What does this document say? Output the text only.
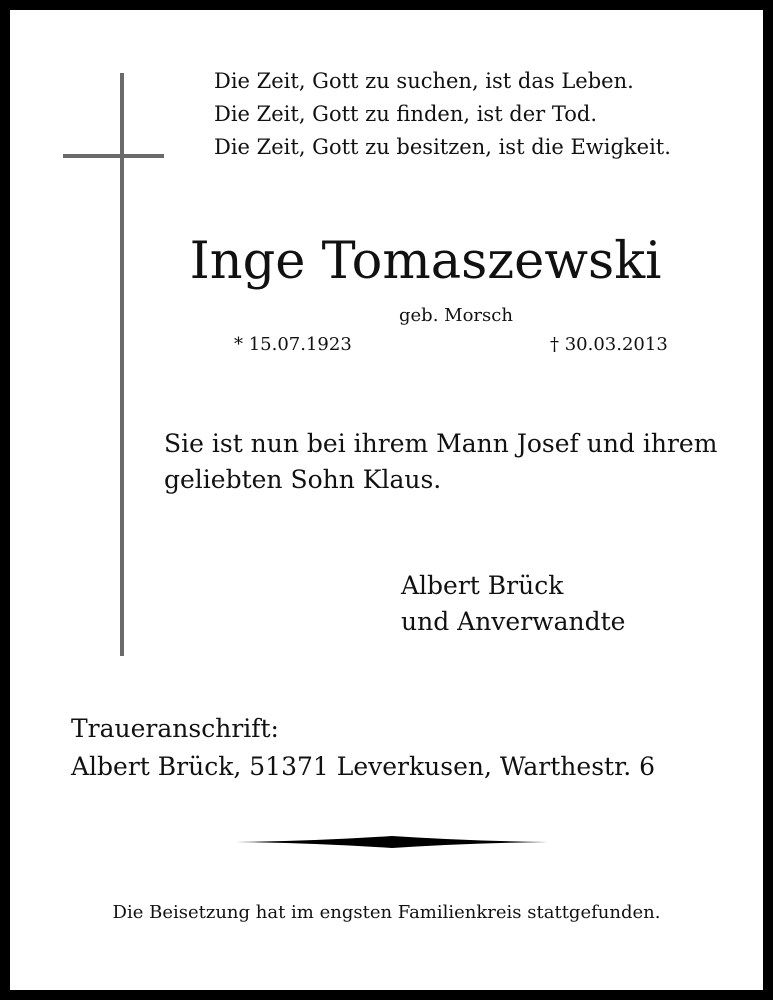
Die Zeit, Gott zu suchen, ist das Leben.
Die Zeit, Gott zu finden, ist der Tod.
Die Zeit, Gott zu besitzen, ist die Ewigkeit.
Inge Tomaszewski
geb. Morsch
* 15.07.1923	† 30.03.2013
Sie ist nun bei ihrem Mann Josef und ihrem
geliebten Sohn Klaus.
Albert Brück
und Anverwandte
Traueranschrift:
Albert Brück, 51371 Leverkusen, Warthestr. 6
Die Beisetzung hat im engsten Familienkreis stattgefunden.
